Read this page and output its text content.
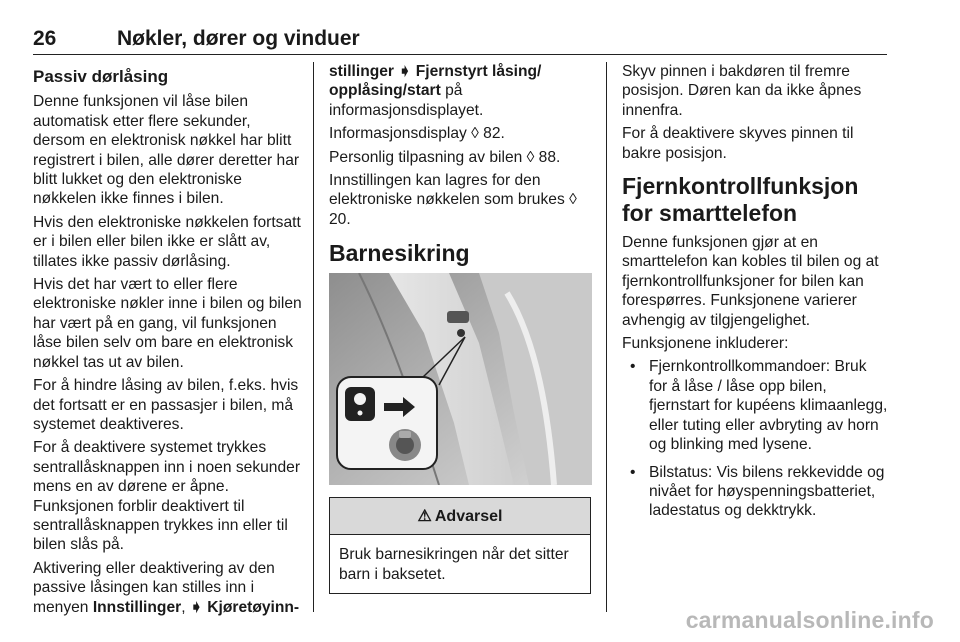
26	Nøkler, dører og vinduer
Passiv dørlåsing

Denne funksjonen vil låse bilen automatisk etter flere sekunder, dersom en elektronisk nøkkel har blitt registrert i bilen, alle dører deretter har blitt lukket og den elektroniske nøkkelen ikke finnes i bilen.

Hvis den elektroniske nøkkelen fortsatt er i bilen eller bilen ikke er slått av, tillates ikke passiv dørlåsing.

Hvis det har vært to eller flere elektroniske nøkler inne i bilen og bilen har vært på en gang, vil funksjonen låse bilen selv om bare en elektronisk nøkkel tas ut av bilen.

For å hindre låsing av bilen, f.eks. hvis det fortsatt er en passasjer i bilen, må systemet deaktiveres.

For å deaktivere systemet trykkes sentrallåsknappen inn i noen sekunder mens en av dørene er åpne. Funksjonen forblir deaktivert til sentrallåsknappen trykkes inn eller til bilen slås på.

Aktivering eller deaktivering av den passive låsingen kan stilles inn i menyen Innstillinger, ➧ Kjøretøyinn-

stillinger ➧ Fjernstyrt låsing/ opplåsing/start på informasjonsdisplayet.

Informasjonsdisplay ◊ 82.

Personlig tilpasning av bilen ◊ 88.

Innstillingen kan lagres for den elektroniske nøkkelen som brukes ◊ 20.

Barnesikring
⚠ Advarsel
Bruk barnesikringen når det sitter barn i baksetet.

Skyv pinnen i bakdøren til fremre posisjon. Døren kan da ikke åpnes innenfra.

For å deaktivere skyves pinnen til bakre posisjon.

Fjernkontrollfunksjon for smarttelefon

Denne funksjonen gjør at en smarttelefon kan kobles til bilen og at fjernkontrollfunksjoner for bilen kan forespørres. Funksjonene varierer avhengig av tilgjengelighet.

Funksjonene inkluderer:

• Fjernkontrollkommandoer: Bruk for å låse / låse opp bilen, fjernstart for kupéens klimaanlegg, eller tuting eller avbryting av horn og blinking med lysene.
• Bilstatus: Vis bilens rekkevidde og nivået for høyspenningsbatteriet, ladestatus og dekktrykk.
carmanualsonline.info
